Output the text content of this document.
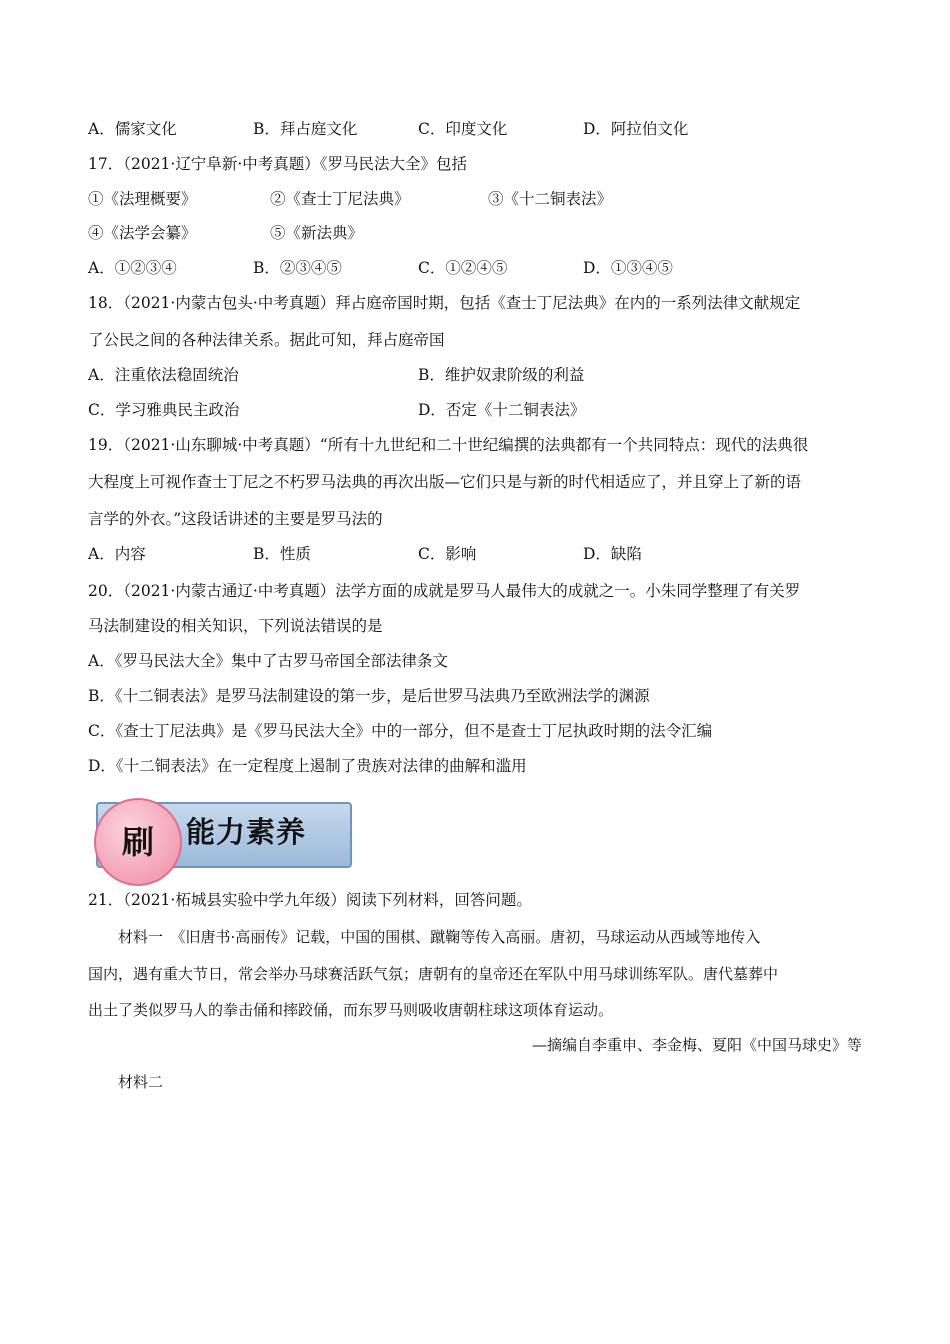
A．儒家文化	B．拜占庭文化	C．印度文化	D．阿拉伯文化
17．（2021·辽宁阜新·中考真题）《罗马民法大全》包括
①《法理概要》	②《查士丁尼法典》	③《十二铜表法》
④《法学会纂》	⑤《新法典》
A．①②③④	B．②③④⑤	C．①②④⑤	D．①③④⑤
18．（2021·内蒙古包头·中考真题）拜占庭帝国时期，包括《查士丁尼法典》在内的一系列法律文献规定
了公民之间的各种法律关系。据此可知，拜占庭帝国
A．注重依法稳固统治	B．维护奴隶阶级的利益
C．学习雅典民主政治	D．否定《十二铜表法》
19．（2021·山东聊城·中考真题）“所有十九世纪和二十世纪编撰的法典都有一个共同特点：现代的法典很
大程度上可视作查士丁尼之不朽罗马法典的再次出版—它们只是与新的时代相适应了，并且穿上了新的语
言学的外衣。”这段话讲述的主要是罗马法的
A．内容	B．性质	C．影响	D．缺陷
20．（2021·内蒙古通辽·中考真题）法学方面的成就是罗马人最伟大的成就之一。小朱同学整理了有关罗
马法制建设的相关知识，下列说法错误的是
A．《罗马民法大全》集中了古罗马帝国全部法律条文
B．《十二铜表法》是罗马法制建设的第一步，是后世罗马法典乃至欧洲法学的渊源
C．《查士丁尼法典》是《罗马民法大全》中的一部分，但不是查士丁尼执政时期的法令汇编
D．《十二铜表法》在一定程度上遏制了贵族对法律的曲解和滥用
刷	能力素养
21．（2021·柘城县实验中学九年级）阅读下列材料，回答问题。
材料一　《旧唐书·高丽传》记载，中国的围棋、蹴鞠等传入高丽。唐初，马球运动从西域等地传入
国内，遇有重大节日，常会举办马球赛活跃气氛；唐朝有的皇帝还在军队中用马球训练军队。唐代墓葬中
出土了类似罗马人的拳击俑和摔跤俑，而东罗马则吸收唐朝柱球这项体育运动。
—摘编自李重申、李金梅、夏阳《中国马球史》等
材料二
